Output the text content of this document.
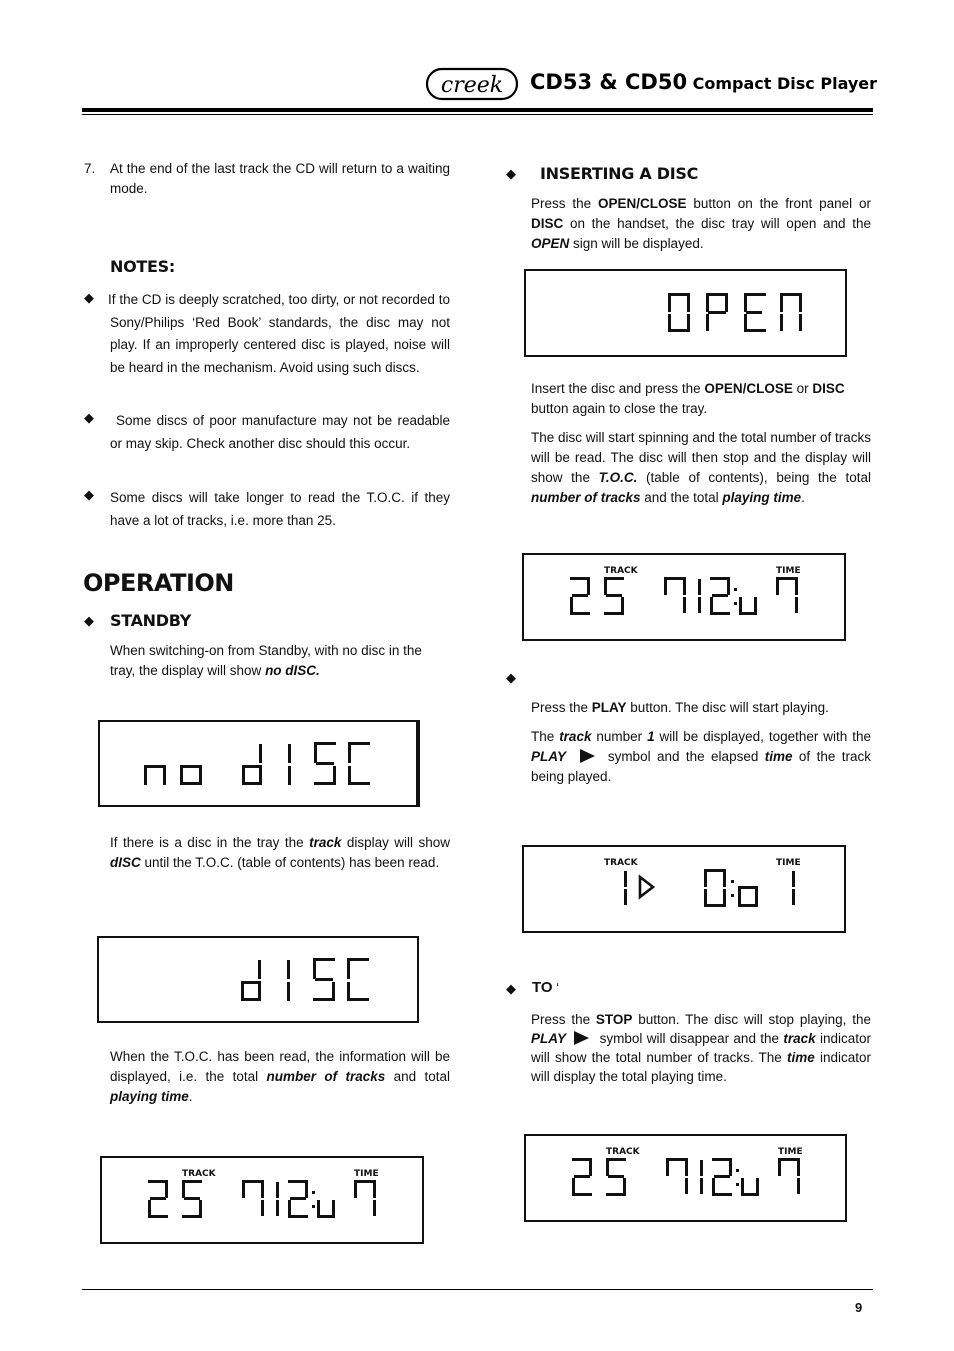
creek CD53 & CD50 Compact Disc Player
7.	At the end of the last track the CD will return to a waiting mode.
NOTES:
◆ If the CD is deeply scratched, too dirty, or not recorded to Sony/Philips ‘Red Book’ standards, the disc may not play. If an improperly centered disc is played, noise will be heard in the mechanism. Avoid using such discs.
◆	Some discs of poor manufacture may not be readable or may skip. Check another disc should this occur.
◆ Some discs will take longer to read the T.O.C. if they have a lot of tracks, i.e. more than 25.
OPERATION
◆ STANDBY
When switching-on from Standby, with no disc in the tray, the display will show no dISC.
If there is a disc in the tray the track display will show dISC until the T.O.C. (table of contents) has been read.
When the T.O.C. has been read, the information will be displayed, i.e. the total number of tracks and total playing time.
TRACK	TIME
◆ INSERTING A DISC
Press the OPEN/CLOSE button on the front panel or DISC on the handset, the disc tray will open and the OPEN sign will be displayed.
Insert the disc and press the OPEN/CLOSE or DISC button again to close the tray.
The disc will start spinning and the total number of tracks will be read. The disc will then stop and the display will show the T.O.C. (table of contents), being the total number of tracks and the total playing time.
TRACK	TIME
◆
Press the PLAY button. The disc will start playing.
The track number 1 will be displayed, together with the PLAY	symbol and the elapsed time of the track being played.
TRACK	TIME
◆ TO ‘
Press the STOP button. The disc will stop playing, the PLAY  symbol will disappear and the track indicator will show the total number of tracks. The time indicator will display the total playing time.
TRACK	TIME
9
